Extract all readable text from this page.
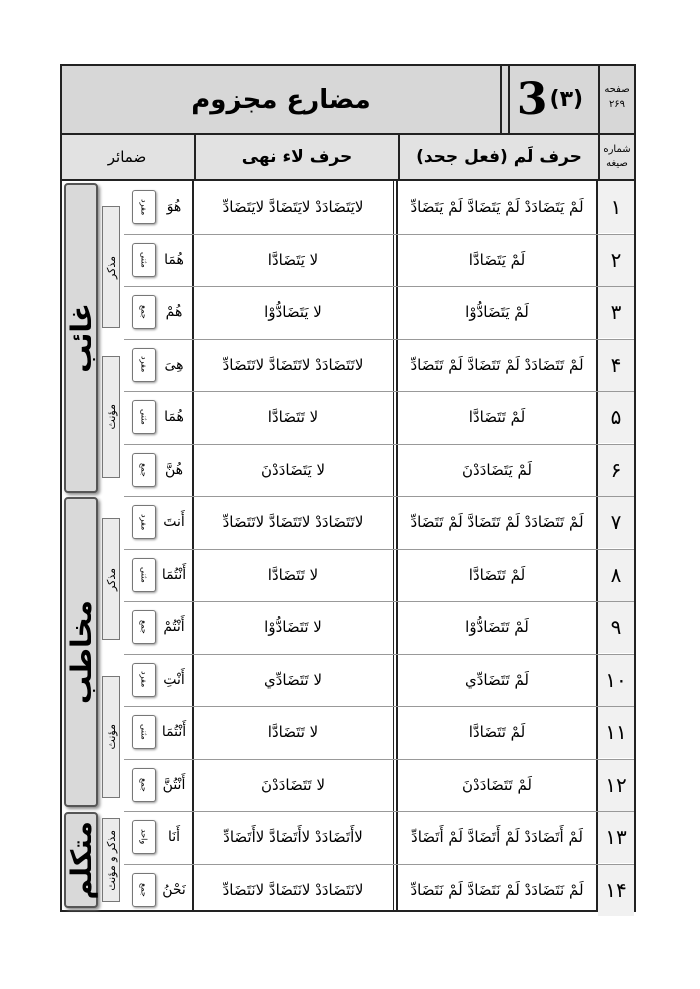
صفحه
۲۶۹
3 (۳)
مضارع مجزوم
شماره
صیغه
حرف لَم (فعل جحد)
حرف لاء نهی
ضمائر
۱
لَمْ يَتَضَادَدْ لَمْ يَتَضَادَّ لَمْ يَتَضَادِّ
لايَتَضَادَدْ لايَتَضَادَّ لايَتَضَادِّ
هُوَ
مفرد
۲
لَمْ يَتَضَادَّا
لا يَتَضَادَّا
هُمَا
مثنی
۳
لَمْ يَتَضَادُّوْا
لا يَتَضَادُّوْا
هُمْ
جمع
۴
لَمْ تَتَضَادَدْ لَمْ تَتَضَادَّ لَمْ تَتَضَادِّ
لاتَتَضَادَدْ لاتَتَضَادَّ لاتَتَضَادِّ
هِیَ
مفرد
۵
لَمْ تَتَضَادَّا
لا تَتَضَادَّا
هُمَا
مثنی
۶
لَمْ يَتَضَادَدْنَ
لا يَتَضَادَدْنَ
هُنَّ
جمع
۷
لَمْ تَتَضَادَدْ لَمْ تَتَضَادَّ لَمْ تَتَضَادِّ
لاتَتَضَادَدْ لاتَتَضَادَّ لاتَتَضَادِّ
أَنتَ
مفرد
۸
لَمْ تَتَضَادَّا
لا تَتَضَادَّا
أَنْتُمَا
مثنی
۹
لَمْ تَتَضَادُّوْا
لا تَتَضَادُّوْا
أَنْتُمْ
جمع
۱۰
لَمْ تَتَضَادِّي
لا تَتَضَادِّي
أَنْتِ
مفرد
۱۱
لَمْ تَتَضَادَّا
لا تَتَضَادَّا
أَنْتُمَا
مثنی
۱۲
لَمْ تَتَضَادَدْنَ
لا تَتَضَادَدْنَ
أَنْتُنَّ
جمع
۱۳
لَمْ أَتَضَادَدْ لَمْ أَتَضَادَّ لَمْ أَتَضَادِّ
لاأَتَضَادَدْ لاأَتَضَادَّ لاأَتَضَادِّ
أَنَا
واحد
۱۴
لَمْ نَتَضَادَدْ لَمْ نَتَضَادَّ لَمْ نَتَضَادِّ
لانَتَضَادَدْ لانَتَضَادَّ لانَتَضَادِّ
نَحْنُ
جمع
غائب
مخاطب
متكلم
مذکر
مؤنث
مذکر
مؤنث
مذکر و مؤنث
